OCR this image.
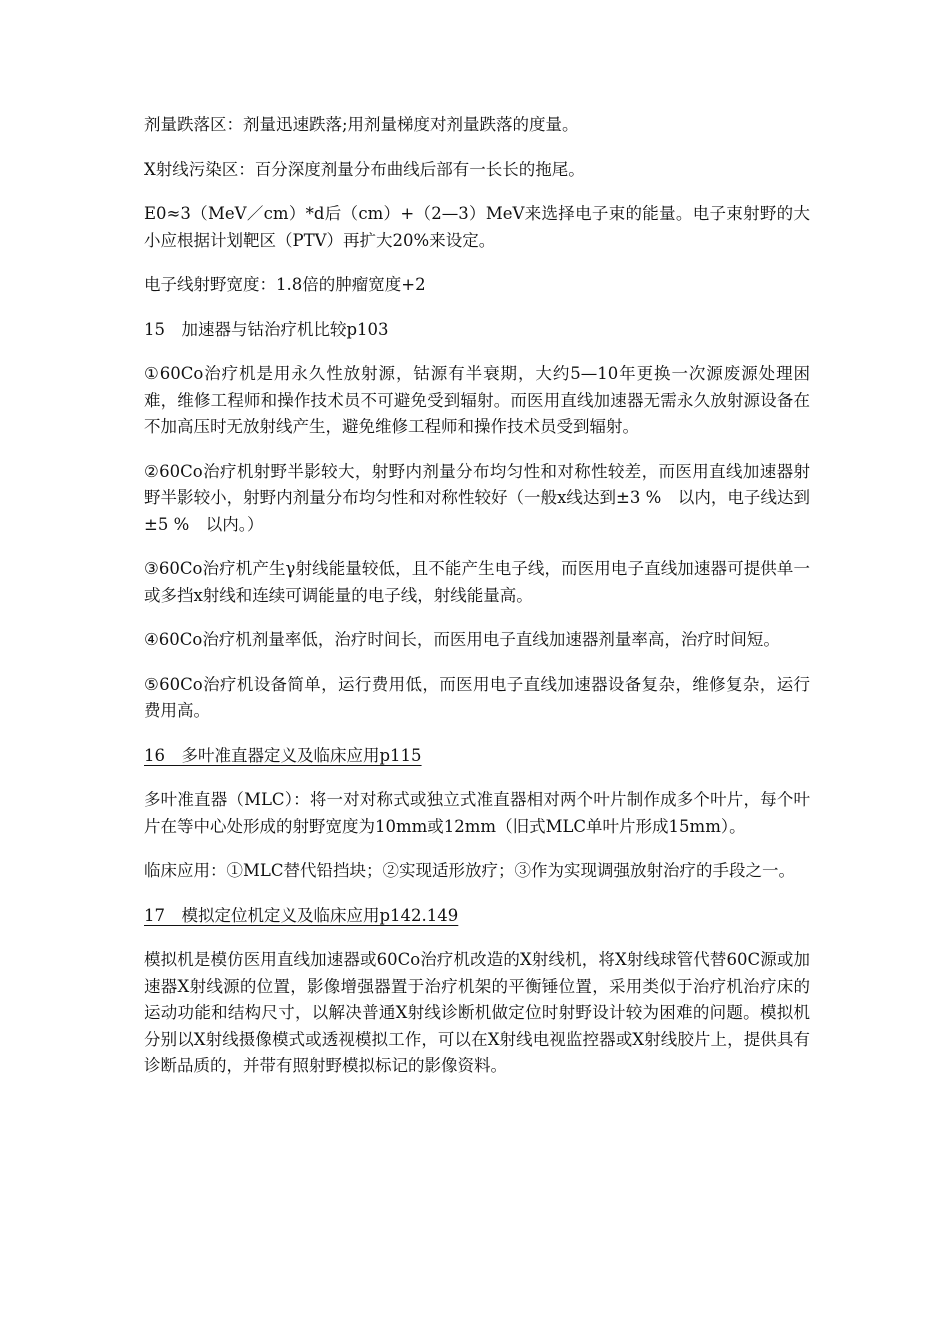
剂量跌落区：剂量迅速跌落;用剂量梯度对剂量跌落的度量。

X射线污染区：百分深度剂量分布曲线后部有一长长的拖尾。

E0≈3（MeV／cm）*d后（cm）+（2—3）MeV来选择电子束的能量。电子束射野的大小应根据计划靶区（PTV）再扩大20%来设定。

电子线射野宽度：1.8倍的肿瘤宽度+2

15　加速器与钴治疗机比较p103

①60Co治疗机是用永久性放射源，钴源有半衰期，大约5—10年更换一次源废源处理困难，维修工程师和操作技术员不可避免受到辐射。而医用直线加速器无需永久放射源设备在不加高压时无放射线产生，避免维修工程师和操作技术员受到辐射。

②60Co治疗机射野半影较大，射野内剂量分布均匀性和对称性较差，而医用直线加速器射野半影较小，射野内剂量分布均匀性和对称性较好（一般x线达到±3 %　以内，电子线达到±5 %　以内。）

③60Co治疗机产生γ射线能量较低，且不能产生电子线，而医用电子直线加速器可提供单一或多挡x射线和连续可调能量的电子线，射线能量高。

④60Co治疗机剂量率低，治疗时间长，而医用电子直线加速器剂量率高，治疗时间短。

⑤60Co治疗机设备简单，运行费用低，而医用电子直线加速器设备复杂，维修复杂，运行费用高。

16　多叶准直器定义及临床应用p115

多叶准直器（MLC）：将一对对称式或独立式准直器相对两个叶片制作成多个叶片，每个叶片在等中心处形成的射野宽度为10mm或12mm（旧式MLC单叶片形成15mm）。

临床应用：①MLC替代铅挡块；②实现适形放疗；③作为实现调强放射治疗的手段之一。

17　模拟定位机定义及临床应用p142.149

模拟机是模仿医用直线加速器或60Co治疗机改造的X射线机，将X射线球管代替60C源或加速器X射线源的位置，影像增强器置于治疗机架的平衡锤位置，采用类似于治疗机治疗床的运动功能和结构尺寸，以解决普通X射线诊断机做定位时射野设计较为困难的问题。模拟机分别以X射线摄像模式或透视模拟工作，可以在X射线电视监控器或X射线胶片上，提供具有诊断品质的，并带有照射野模拟标记的影像资料。
